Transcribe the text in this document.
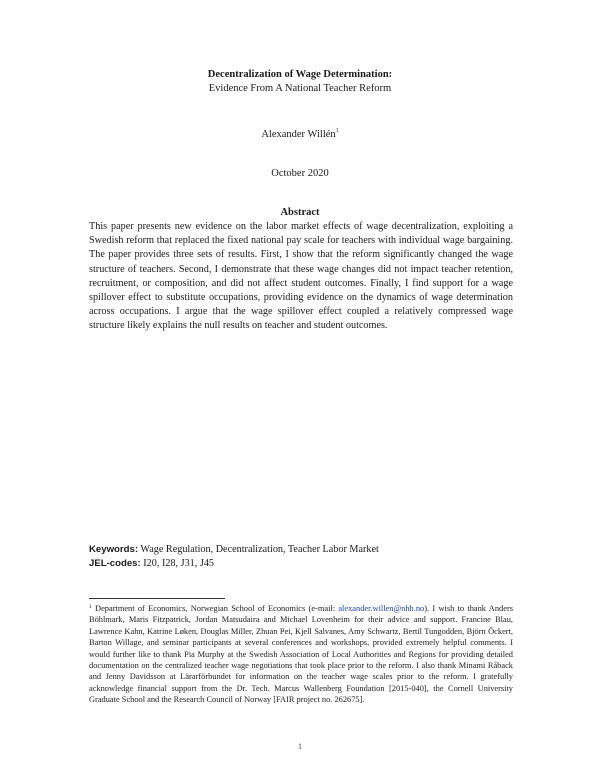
Decentralization of Wage Determination:
Evidence From A National Teacher Reform
Alexander Willén$^1$
October 2020
Abstract

This paper presents new evidence on the labor market effects of wage decentralization, exploiting a Swedish reform that replaced the fixed national pay scale for teachers with individual wage bargaining. The paper provides three sets of results. First, I show that the reform significantly changed the wage structure of teachers. Second, I demonstrate that these wage changes did not impact teacher retention, recruitment, or composition, and did not affect student outcomes. Finally, I find support for a wage spillover effect to substitute occupations, providing evidence on the dynamics of wage determination across occupations. I argue that the wage spillover effect coupled a relatively compressed wage structure likely explains the null results on teacher and student outcomes.

Keywords: Wage Regulation, Decentralization, Teacher Labor Market
JEL-codes: I20, I28, J31, J45

$^1$ Department of Economics, Norwegian School of Economics (e-mail: alexander.willen@nhh.no). I wish to thank Anders Böhlmark, Maris Fitzpatrick, Jordan Matsudaira and Michael Lovenheim for their advice and support. Francine Blau, Lawrence Kahn, Katrine Løken, Douglas Miller, Zhuan Pei, Kjell Salvanes, Amy Schwartz, Bertil Tungodden, Björn Öckert, Barton Willage, and seminar participants at several conferences and workshops, provided extremely helpful comments. I would further like to thank Pia Murphy at the Swedish Association of Local Authorities and Regions for providing detailed documentation on the centralized teacher wage negotiations that took place prior to the reform. I also thank Minami Råback and Jenny Davidsson at Lärarförbundet for information on the teacher wage scales prior to the reform. I gratefully acknowledge financial support from the Dr. Tech. Marcus Wallenberg Foundation [2015-040], the Cornell University Graduate School and the Research Council of Norway [FAIR project no. 262675].

1
